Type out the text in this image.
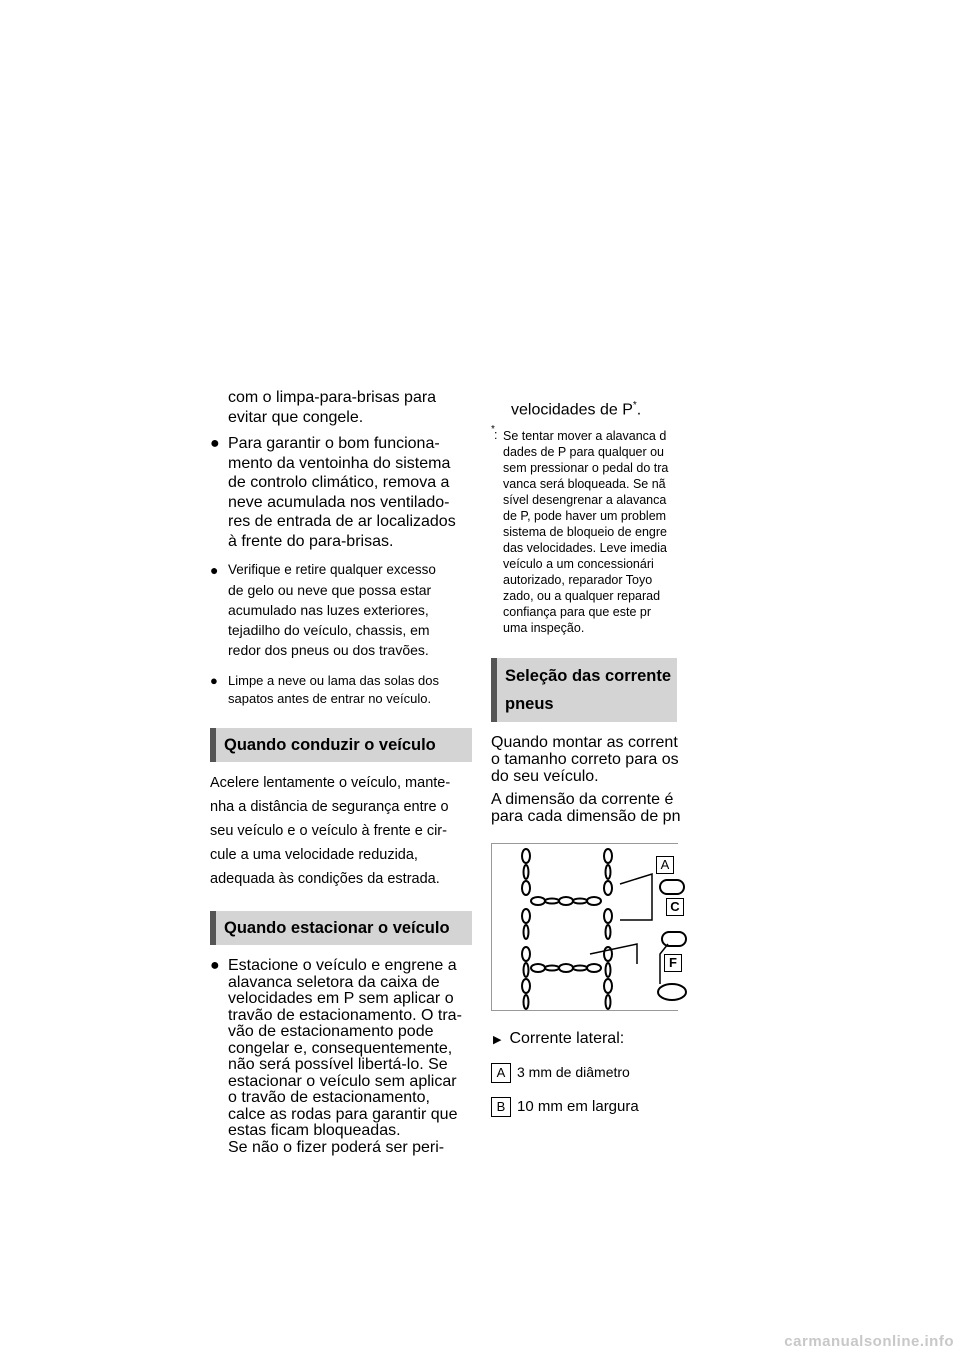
com o limpa-para-brisas para
evitar que congele.
● Para garantir o bom funciona-
mento da ventoinha do sistema
de controlo climático, remova a
neve acumulada nos ventilado-
res de entrada de ar localizados
à frente do para-brisas.
● Verifique e retire qualquer excesso
de gelo ou neve que possa estar
acumulado nas luzes exteriores,
tejadilho do veículo, chassis, em
redor dos pneus ou dos travões.
● Limpe a neve ou lama das solas dos
sapatos antes de entrar no veículo.
Quando conduzir o veículo
Acelere lentamente o veículo, mante-
nha a distância de segurança entre o
seu veículo e o veículo à frente e cir-
cule a uma velocidade reduzida,
adequada às condições da estrada.
Quando estacionar o veículo
● Estacione o veículo e engrene a
alavanca seletora da caixa de
velocidades em P sem aplicar o
travão de estacionamento. O tra-
vão de estacionamento pode
congelar e, consequentemente,
não será possível libertá-lo. Se
estacionar o veículo sem aplicar
o travão de estacionamento,
calce as rodas para garantir que
estas ficam bloqueadas.
Se não o fizer poderá ser peri-
velocidades de P*.
* : Se tentar mover a alavanca d
dades de P para qualquer ou
sem pressionar o pedal do tra
vanca será bloqueada. Se nã
sível desengrenar a alavanca
de P, pode haver um problem
sistema de bloqueio de engre
das velocidades. Leve imedia
veículo a um concessionári
autorizado, reparador Toyo
zado, ou a qualquer reparad
confiança para que este pr
uma inspeção.
Seleção das corrente
pneus
Quando montar as corrent
o tamanho correto para os
do seu veículo.
A dimensão da corrente é
para cada dimensão de pn
A
C
F
▶ Corrente lateral:
A 3 mm de diâmetro
B 10 mm em largura
carmanualsonline.info
